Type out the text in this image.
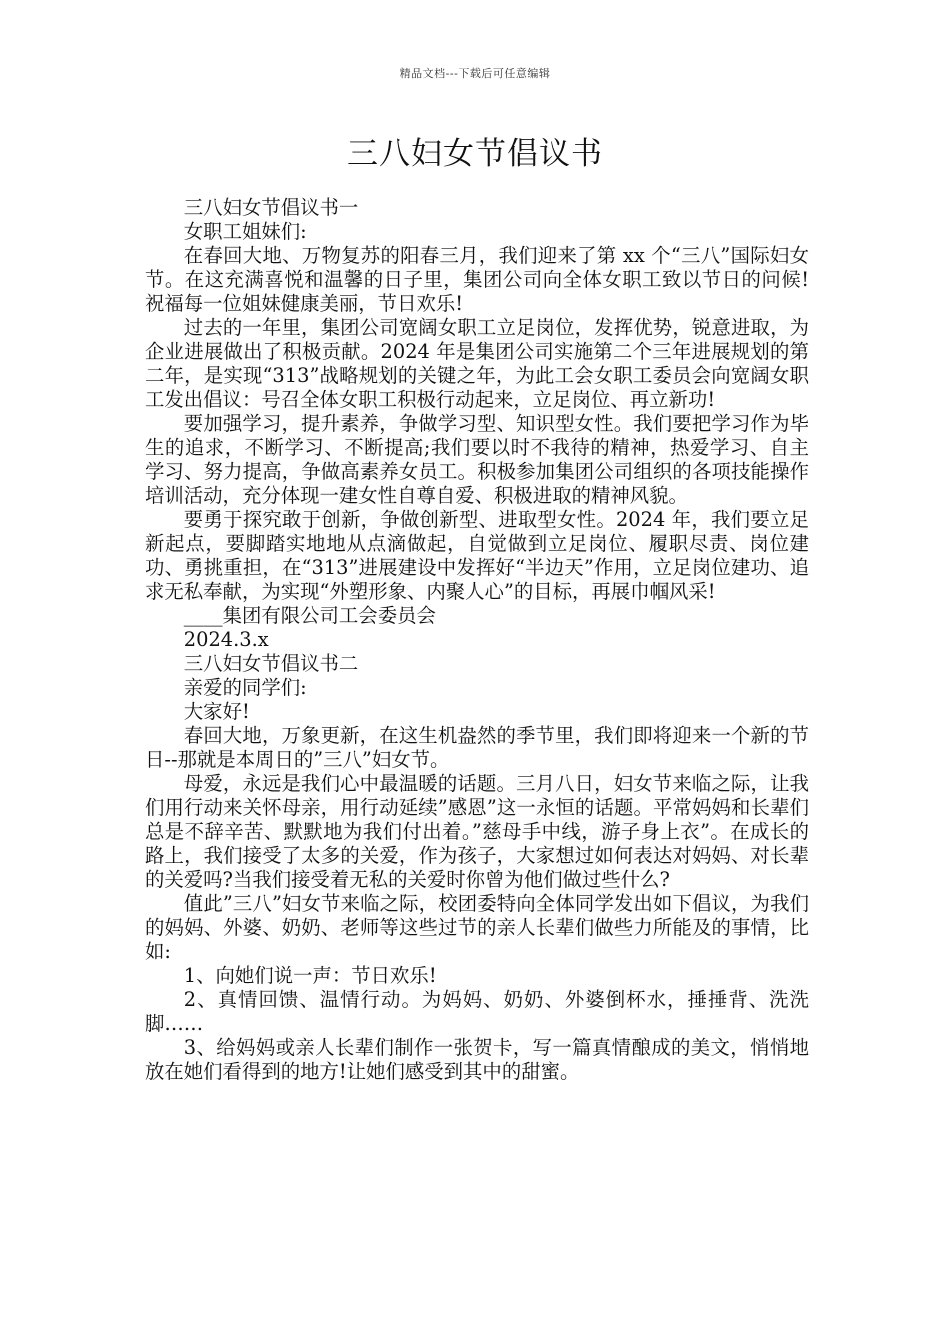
精品文档---下载后可任意编辑
三八妇女节倡议书

三八妇女节倡议书一

女职工姐妹们:

在春回大地、万物复苏的阳春三月，我们迎来了第 xx 个“三八”国际妇女节。在这充满喜悦和温馨的日子里，集团公司向全体女职工致以节日的问候!祝福每一位姐妹健康美丽，节日欢乐!

过去的一年里，集团公司宽阔女职工立足岗位，发挥优势，锐意进取，为企业进展做出了积极贡献。2024 年是集团公司实施第二个三年进展规划的第二年，是实现“313”战略规划的关键之年，为此工会女职工委员会向宽阔女职工发出倡议：号召全体女职工积极行动起来，立足岗位、再立新功!

要加强学习，提升素养，争做学习型、知识型女性。我们要把学习作为毕生的追求，不断学习、不断提高;我们要以时不我待的精神，热爱学习、自主学习、努力提高，争做高素养女员工。积极参加集团公司组织的各项技能操作培训活动，充分体现一建女性自尊自爱、积极进取的精神风貌。

要勇于探究敢于创新，争做创新型、进取型女性。2024 年，我们要立足新起点，要脚踏实地地从点滴做起，自觉做到立足岗位、履职尽责、岗位建功、勇挑重担，在“313”进展建设中发挥好“半边天”作用，立足岗位建功、追求无私奉献，为实现“外塑形象、内聚人心”的目标，再展巾帼风采!

____集团有限公司工会委员会

2024.3.x

三八妇女节倡议书二

亲爱的同学们:

大家好!

春回大地，万象更新，在这生机盎然的季节里，我们即将迎来一个新的节日--那就是本周日的”三八”妇女节。

母爱，永远是我们心中最温暖的话题。三月八日，妇女节来临之际，让我们用行动来关怀母亲，用行动延续”感恩”这一永恒的话题。平常妈妈和长辈们总是不辞辛苦、默默地为我们付出着。”慈母手中线，游子身上衣”。在成长的路上，我们接受了太多的关爱，作为孩子，大家想过如何表达对妈妈、对长辈的关爱吗?当我们接受着无私的关爱时你曾为他们做过些什么?

值此”三八”妇女节来临之际，校团委特向全体同学发出如下倡议，为我们的妈妈、外婆、奶奶、老师等这些过节的亲人长辈们做些力所能及的事情，比如:

1、向她们说一声：节日欢乐!

2、真情回馈、温情行动。为妈妈、奶奶、外婆倒杯水，捶捶背、洗洗脚……

3、给妈妈或亲人长辈们制作一张贺卡，写一篇真情酿成的美文，悄悄地放在她们看得到的地方!让她们感受到其中的甜蜜。
